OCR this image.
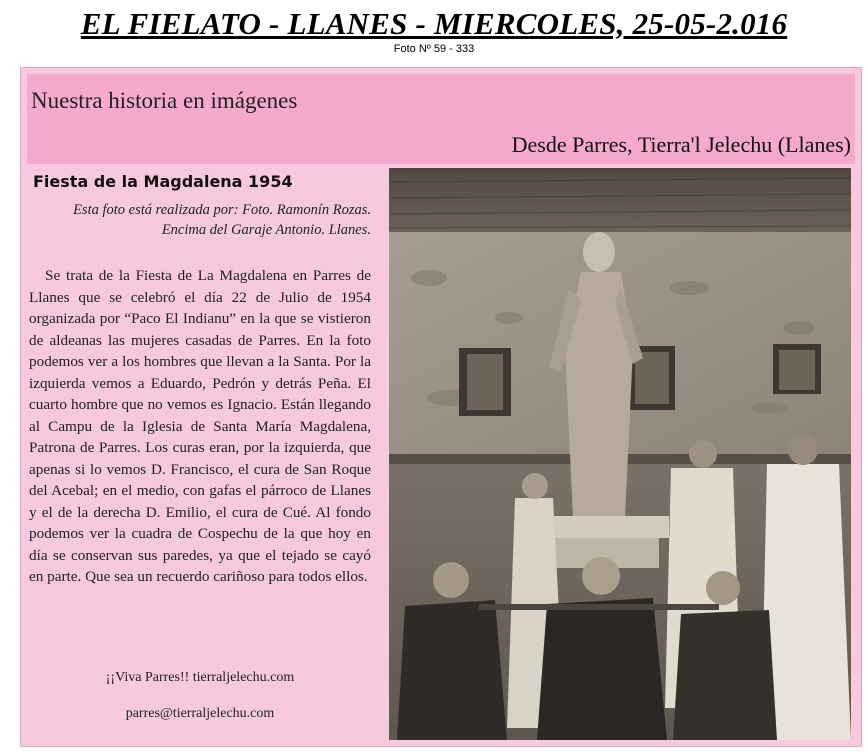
EL FIELATO - LLANES - MIERCOLES, 25-05-2.016
Foto Nº 59 - 333
Nuestra historia en imágenes
Desde Parres, Tierra'l Jelechu (Llanes)
Fiesta de la Magdalena 1954
Esta foto está realizada por: Foto. Ramonín Rozas. Encima del Garaje Antonio. Llanes.

Se trata de la Fiesta de La Magdalena en Parres de Llanes que se celebró el día 22 de Julio de 1954 organizada por “Paco El Indianu” en la que se vistieron de aldeanas las mujeres casadas de Parres. En la foto podemos ver a los hombres que llevan a la Santa. Por la izquierda vemos a Eduardo, Pedrón y detrás Peña. El cuarto hombre que no vemos es Ignacio. Están llegando al Campu de la Iglesia de Santa María Magdalena, Patrona de Parres. Los curas eran, por la izquierda, que apenas si lo vemos D. Francisco, el cura de San Roque del Acebal; en el medio, con gafas el párroco de Llanes y el de la derecha D. Emilio, el cura de Cué. Al fondo podemos ver la cuadra de Cospechu de la que hoy en día se conservan sus paredes, ya que el tejado se cayó en parte. Que sea un recuerdo cariñoso para todos ellos.

¡¡Viva Parres!! tierraljelechu.com
parres@tierraljelechu.com
